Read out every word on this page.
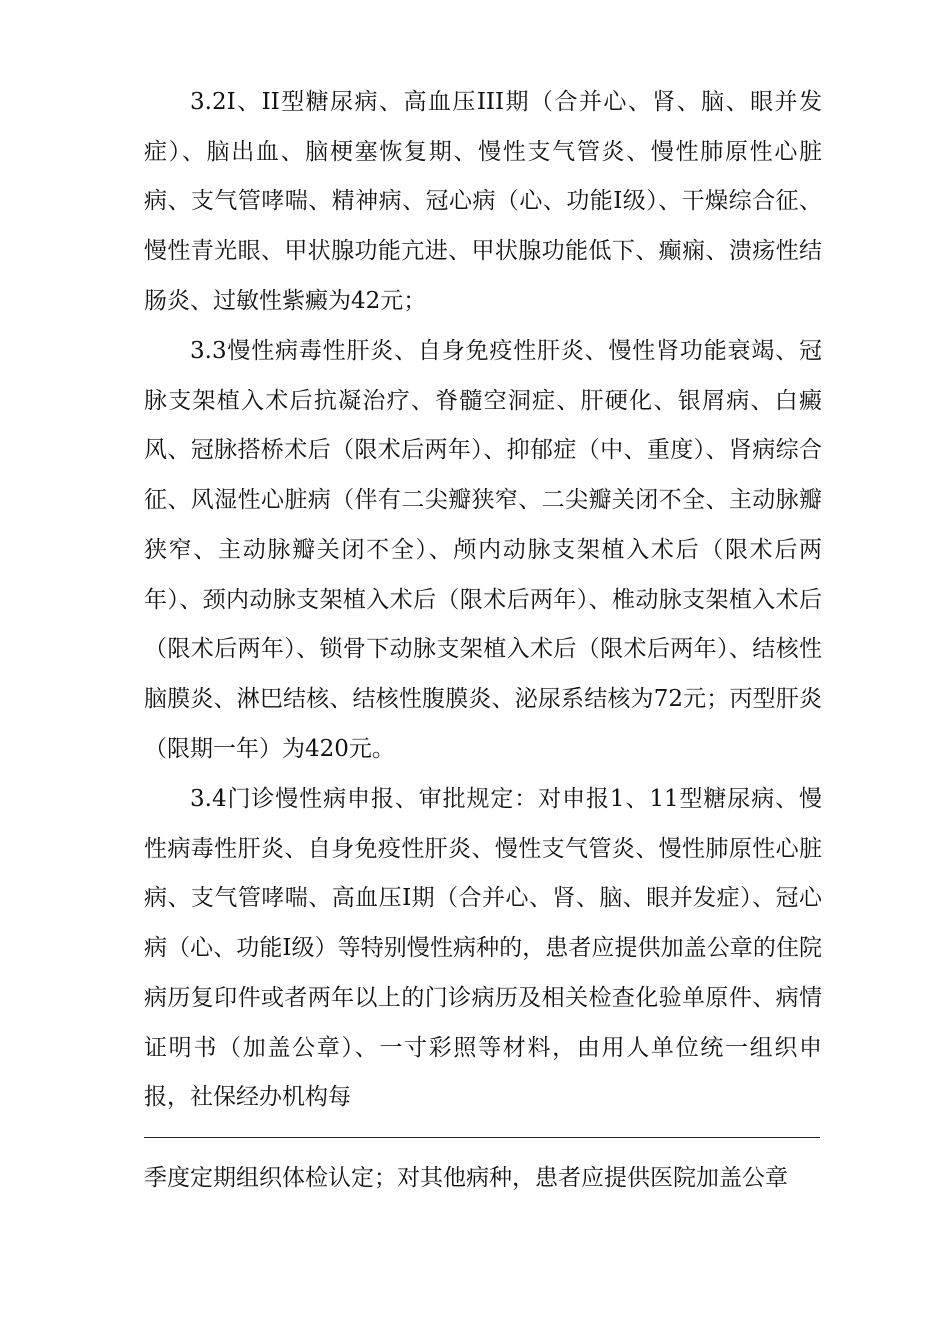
3.2I、II型糖尿病、高血压III期（合并心、肾、脑、眼并发症）、脑出血、脑梗塞恢复期、慢性支气管炎、慢性肺原性心脏病、支气管哮喘、精神病、冠心病（心、功能Ⅰ级）、干燥综合征、慢性青光眼、甲状腺功能亢进、甲状腺功能低下、癫痫、溃疡性结肠炎、过敏性紫癜为42元；

3.3慢性病毒性肝炎、自身免疫性肝炎、慢性肾功能衰竭、冠脉支架植入术后抗凝治疗、脊髓空洞症、肝硬化、银屑病、白癜风、冠脉搭桥术后（限术后两年）、抑郁症（中、重度）、肾病综合征、风湿性心脏病（伴有二尖瓣狭窄、二尖瓣关闭不全、主动脉瓣狭窄、主动脉瓣关闭不全）、颅内动脉支架植入术后（限术后两年）、颈内动脉支架植入术后（限术后两年）、椎动脉支架植入术后（限术后两年）、锁骨下动脉支架植入术后（限术后两年）、结核性脑膜炎、淋巴结核、结核性腹膜炎、泌尿系结核为72元；丙型肝炎（限期一年）为420元。

3.4门诊慢性病申报、审批规定：对申报1、11型糖尿病、慢性病毒性肝炎、自身免疫性肝炎、慢性支气管炎、慢性肺原性心脏病、支气管哮喘、高血压Ⅰ期（合并心、肾、脑、眼并发症）、冠心病（心、功能Ⅰ级）等特别慢性病种的，患者应提供加盖公章的住院病历复印件或者两年以上的门诊病历及相关检查化验单原件、病情证明书（加盖公章）、一寸彩照等材料，由用人单位统一组织申报，社保经办机构每

季度定期组织体检认定；对其他病种，患者应提供医院加盖公章
